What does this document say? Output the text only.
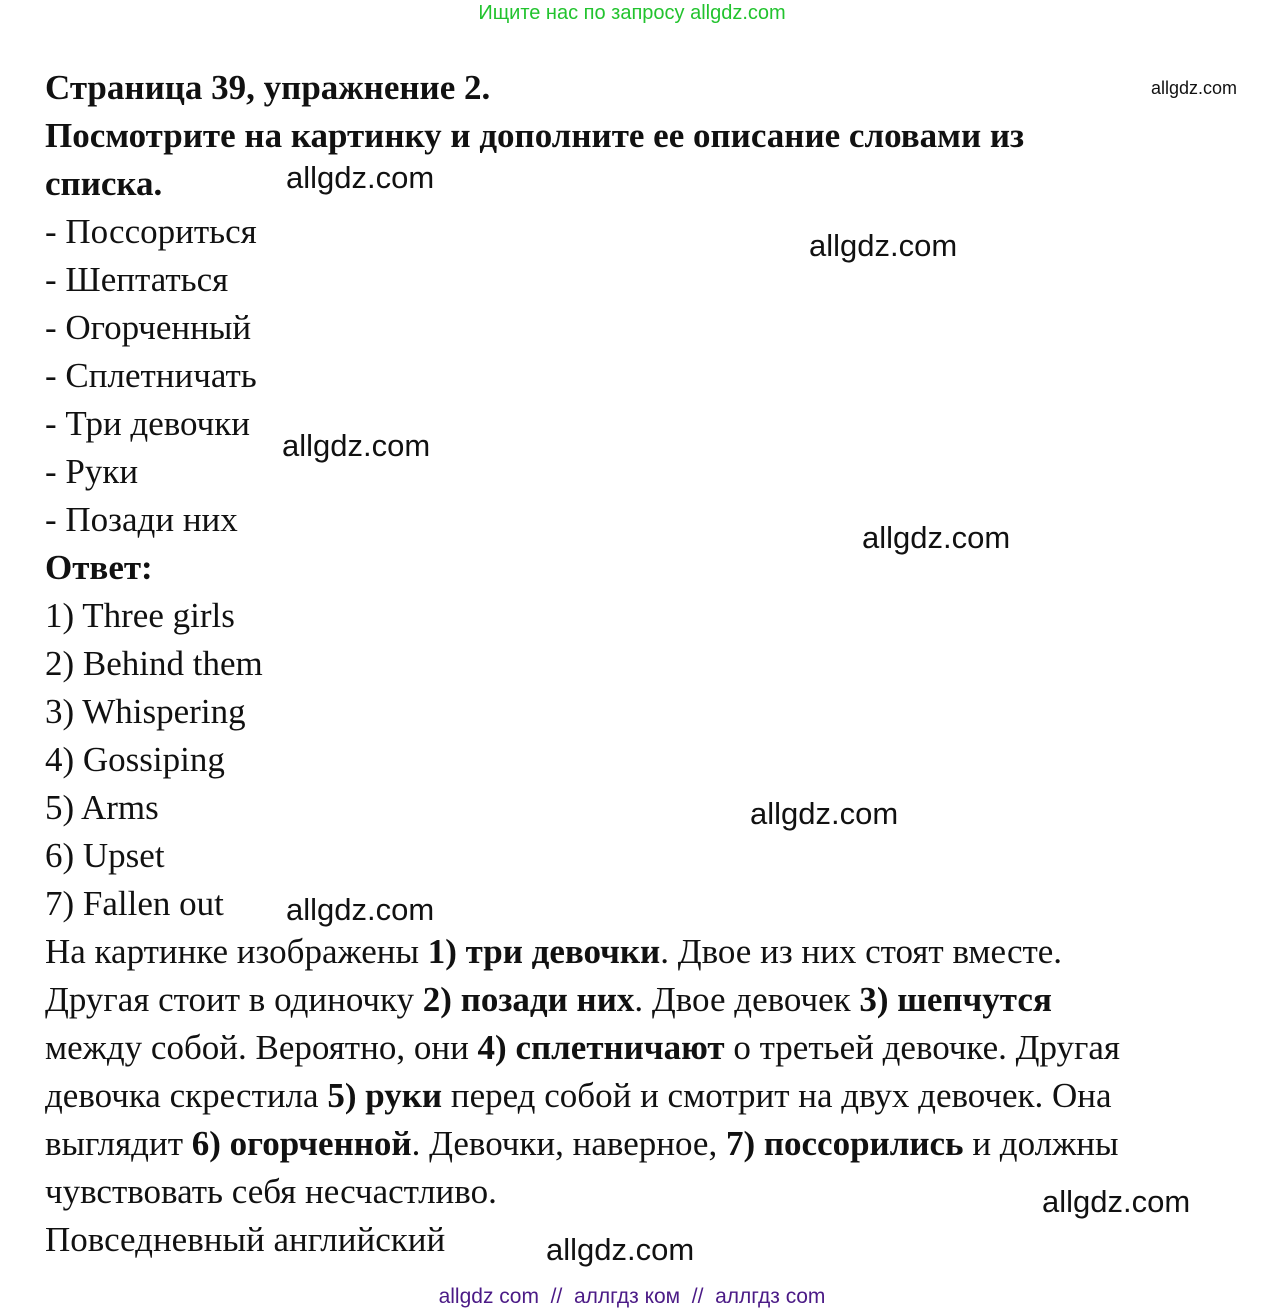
Ищите нас по запросу allgdz.com
allgdz.com
Страница 39, упражнение 2.
Посмотрите на картинку и дополните ее описание словами из
списка.
- Поссориться
- Шептаться
- Огорченный
- Сплетничать
- Три девочки
- Руки
- Позади них
Ответ:
1) Three girls
2) Behind them
3) Whispering
4) Gossiping
5) Arms
6) Upset
7) Fallen out
На картинке изображены 1) три девочки. Двое из них стоят вместе.
Другая стоит в одиночку 2) позади них. Двое девочек 3) шепчутся
между собой. Вероятно, они 4) сплетничают о третьей девочке. Другая
девочка скрестила 5) руки перед собой и смотрит на двух девочек. Она
выглядит 6) огорченной. Девочки, наверное, 7) поссорились и должны
чувствовать себя несчастливо.
Повседневный английский
allgdz.com
allgdz.com
allgdz.com
allgdz.com
allgdz.com
allgdz.com
allgdz.com
allgdz.com
allgdz com  //  аллгдз ком  //  аллгдз com
